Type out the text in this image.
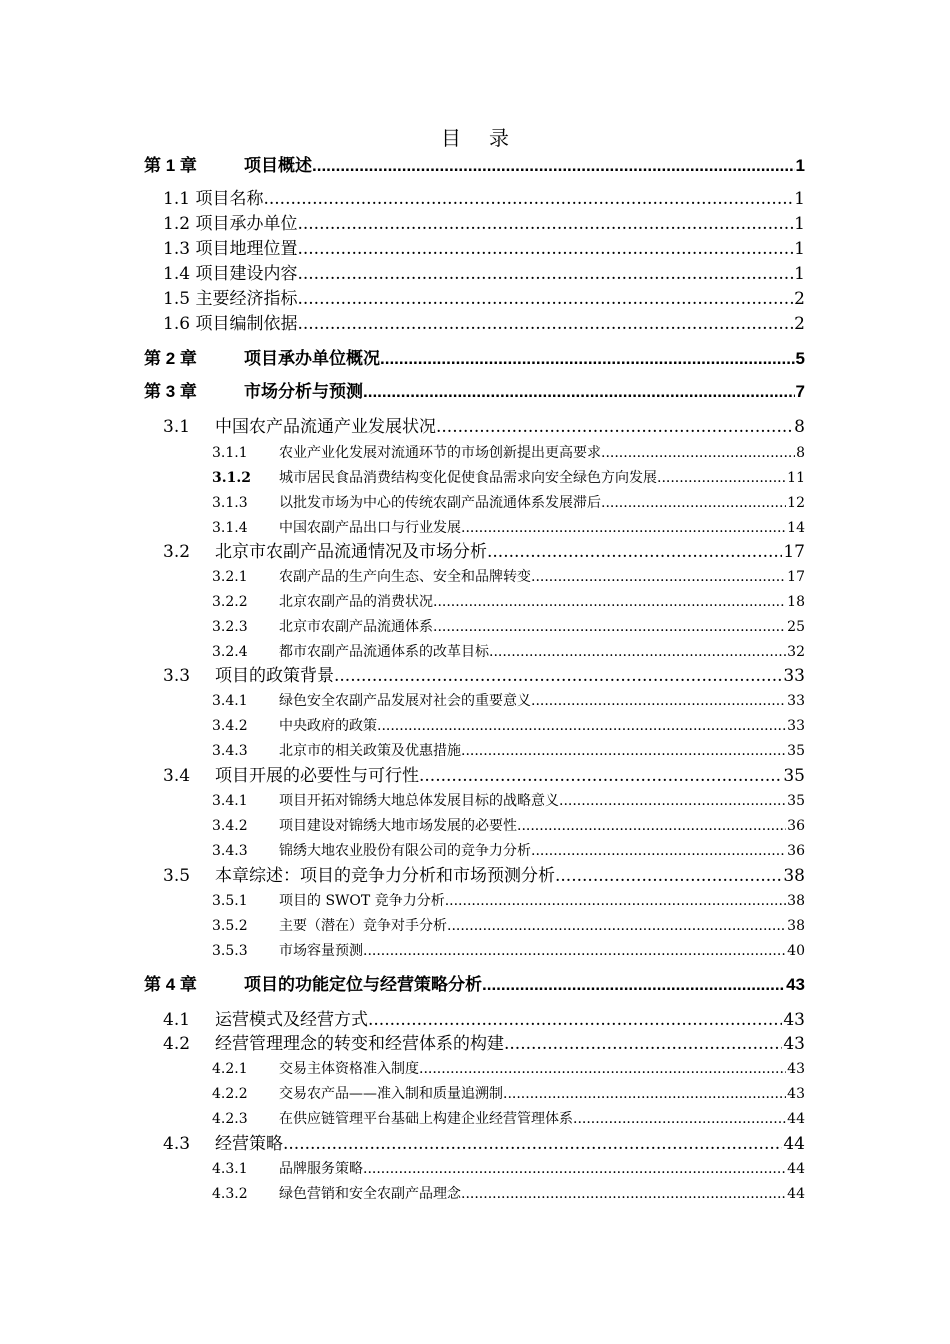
目录
第 1 章	项目概述 .....	1
1.1 项目名称 .....	1
1.2 项目承办单位 .....	1
1.3 项目地理位置 .....	1
1.4 项目建设内容 .....	1
1.5 主要经济指标 .....	2
1.6 项目编制依据 .....	2
第 2 章	项目承办单位概况 .....	5
第 3 章	市场分析与预测 .....	7
3.1 中国农产品流通产业发展状况 .....	8
3.1.1 农业产业化发展对流通环节的市场创新提出更高要求 .....	8
3.1.2 城市居民食品消费结构变化促使食品需求向安全绿色方向发展 .....	11
3.1.3 以批发市场为中心的传统农副产品流通体系发展滞后 .....	12
3.1.4 中国农副产品出口与行业发展 .....	14
3.2 北京市农副产品流通情况及市场分析 .....	17
3.2.1 农副产品的生产向生态、安全和品牌转变 .....	17
3.2.2 北京农副产品的消费状况 .....	18
3.2.3 北京市农副产品流通体系 .....	25
3.2.4 都市农副产品流通体系的改革目标 .....	32
3.3 项目的政策背景 .....	33
3.4.1 绿色安全农副产品发展对社会的重要意义 .....	33
3.4.2 中央政府的政策 .....	33
3.4.3 北京市的相关政策及优惠措施 .....	35
3.4 项目开展的必要性与可行性 .....	35
3.4.1 项目开拓对锦绣大地总体发展目标的战略意义 .....	35
3.4.2 项目建设对锦绣大地市场发展的必要性 .....	36
3.4.3 锦绣大地农业股份有限公司的竞争力分析 .....	36
3.5 本章综述：项目的竞争力分析和市场预测分析 .....	38
3.5.1 项目的 SWOT 竞争力分析 .....	38
3.5.2 主要（潜在）竞争对手分析 .....	38
3.5.3 市场容量预测 .....	40
第 4 章	项目的功能定位与经营策略分析 .....	43
4.1 运营模式及经营方式 .....	43
4.2 经营管理理念的转变和经营体系的构建 .....	43
4.2.1 交易主体资格准入制度 .....	43
4.2.2 交易农产品——准入制和质量追溯制 .....	43
4.2.3 在供应链管理平台基础上构建企业经营管理体系 .....	44
4.3 经营策略 .....	44
4.3.1 品牌服务策略 .....	44
4.3.2 绿色营销和安全农副产品理念 .....	44
